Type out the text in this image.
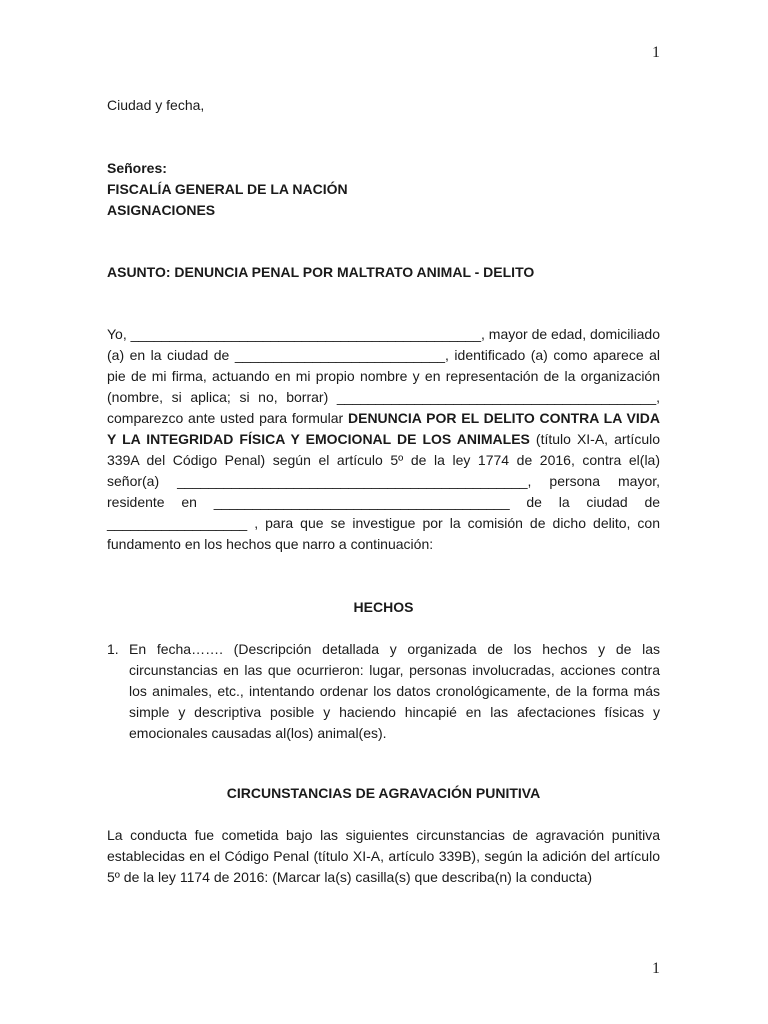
1

Ciudad y fecha,

Señores:

FISCALÍA GENERAL DE LA NACIÓN

ASIGNACIONES

ASUNTO: DENUNCIA PENAL POR MALTRATO ANIMAL - DELITO

Yo, _____________________________________________, mayor de edad, domiciliado (a) en la ciudad de ___________________________, identificado (a) como aparece al pie de mi firma, actuando en mi propio nombre y en representación de la organización (nombre, si aplica; si no, borrar) _________________________________________, comparezco ante usted para formular DENUNCIA POR EL DELITO CONTRA LA VIDA Y LA INTEGRIDAD FÍSICA Y EMOCIONAL DE LOS ANIMALES (título XI-A, artículo 339A del Código Penal) según el artículo 5º de la ley 1774 de 2016, contra el(la) señor(a) _____________________________________________, persona mayor, residente en ______________________________________ de la ciudad de __________________ , para que se investigue por la comisión de dicho delito, con fundamento en los hechos que narro a continuación:

HECHOS

1. En fecha……. (Descripción detallada y organizada de los hechos y de las circunstancias en las que ocurrieron: lugar, personas involucradas, acciones contra los animales, etc., intentando ordenar los datos cronológicamente, de la forma más simple y descriptiva posible y haciendo hincapié en las afectaciones físicas y emocionales causadas al(los) animal(es).

CIRCUNSTANCIAS DE AGRAVACIÓN PUNITIVA

La conducta fue cometida bajo las siguientes circunstancias de agravación punitiva establecidas en el Código Penal (título XI-A, artículo 339B), según la adición del artículo 5º de la ley 1174 de 2016: (Marcar la(s) casilla(s) que describa(n) la conducta)

1
